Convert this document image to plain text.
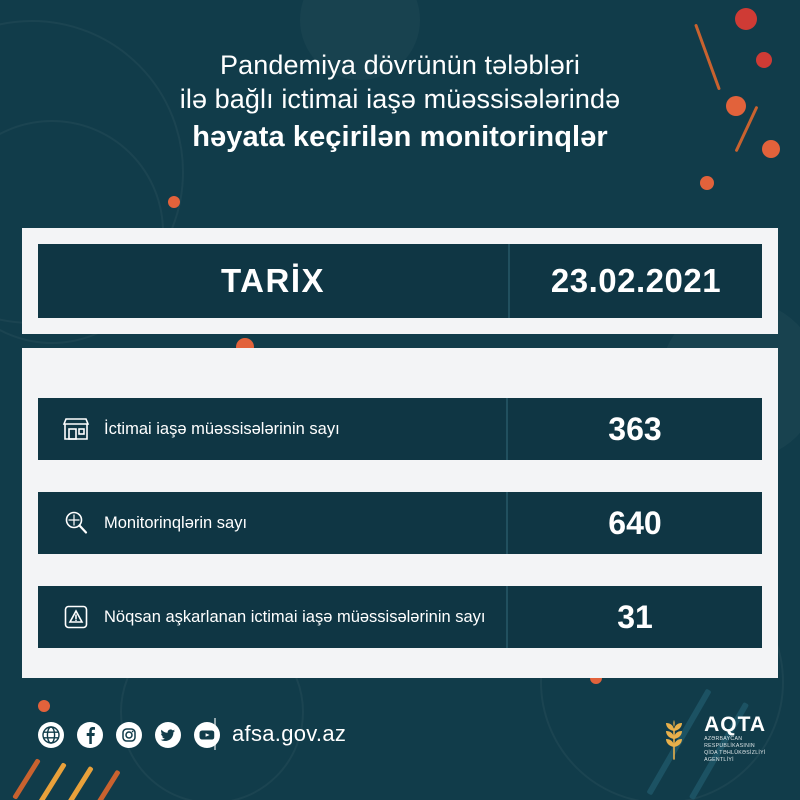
Pandemiya dövrünün tələbləri
ilə bağlı ictimai iaşə müəssisələrində
həyata keçirilən monitorinqlər
TARİX	23.02.2021
İctimai iaşə müəssisələrinin sayı	363
Monitorinqlərin sayı	640
Nöqsan aşkarlanan ictimai iaşə müəssisələrinin sayı	31
afsa.gov.az	AQTA
AZƏRBAYCAN
RESPUBLİKASININ
QİDA TƏHLÜKƏSİZLİYİ
AGENTLİYİ
